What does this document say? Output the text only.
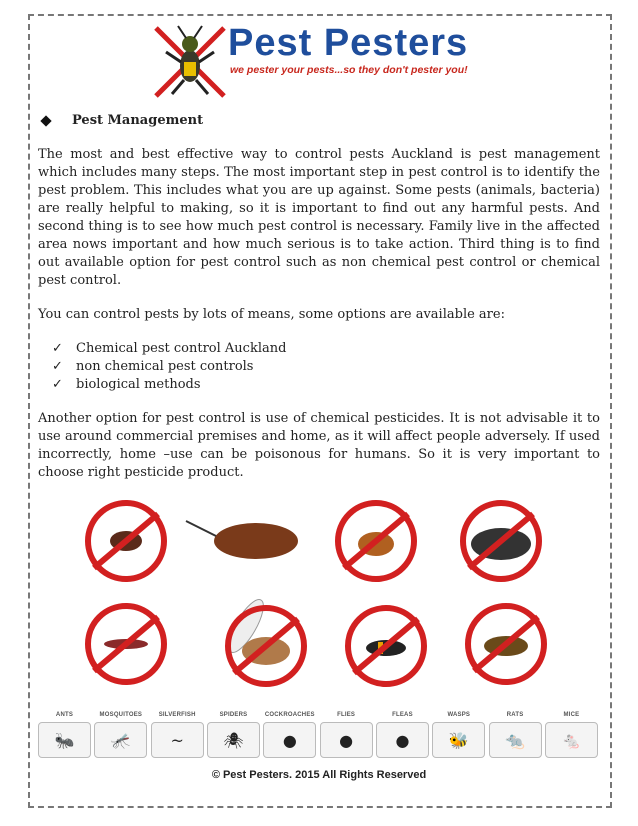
Pest Pesters
we pester your pests...so they don't pester you!
Pest Management

The most and best effective way to control pests Auckland is pest management which includes many steps. The most important step in pest control is to identify the pest problem. This includes what you are up against. Some pests (animals, bacteria) are really helpful to making, so it is important to find out any harmful pests. And second thing is to see how much pest control is necessary. Family live in the affected area nows important and how much serious is to take action. Third thing is to find out available option for pest control such as non chemical pest control or chemical pest control.

You can control pests by lots of means, some options are available are:

✓	Chemical pest control Auckland
✓	non chemical pest controls
✓	biological methods

Another option for pest control is use of chemical pesticides. It is not advisable it to use around commercial premises and home, as it will affect people adversely. If used incorrectly, home –use can be poisonous for humans. So it is very important to choose right pesticide product.

ANTS
🐜
MOSQUITOES
🦟
SILVERFISH
~
SPIDERS
🕷
COCKROACHES
●
FLIES
●
FLEAS
●
WASPS
🐝
RATS
🐀
MICE
🐁
© Pest Pesters. 2015 All Rights Reserved
